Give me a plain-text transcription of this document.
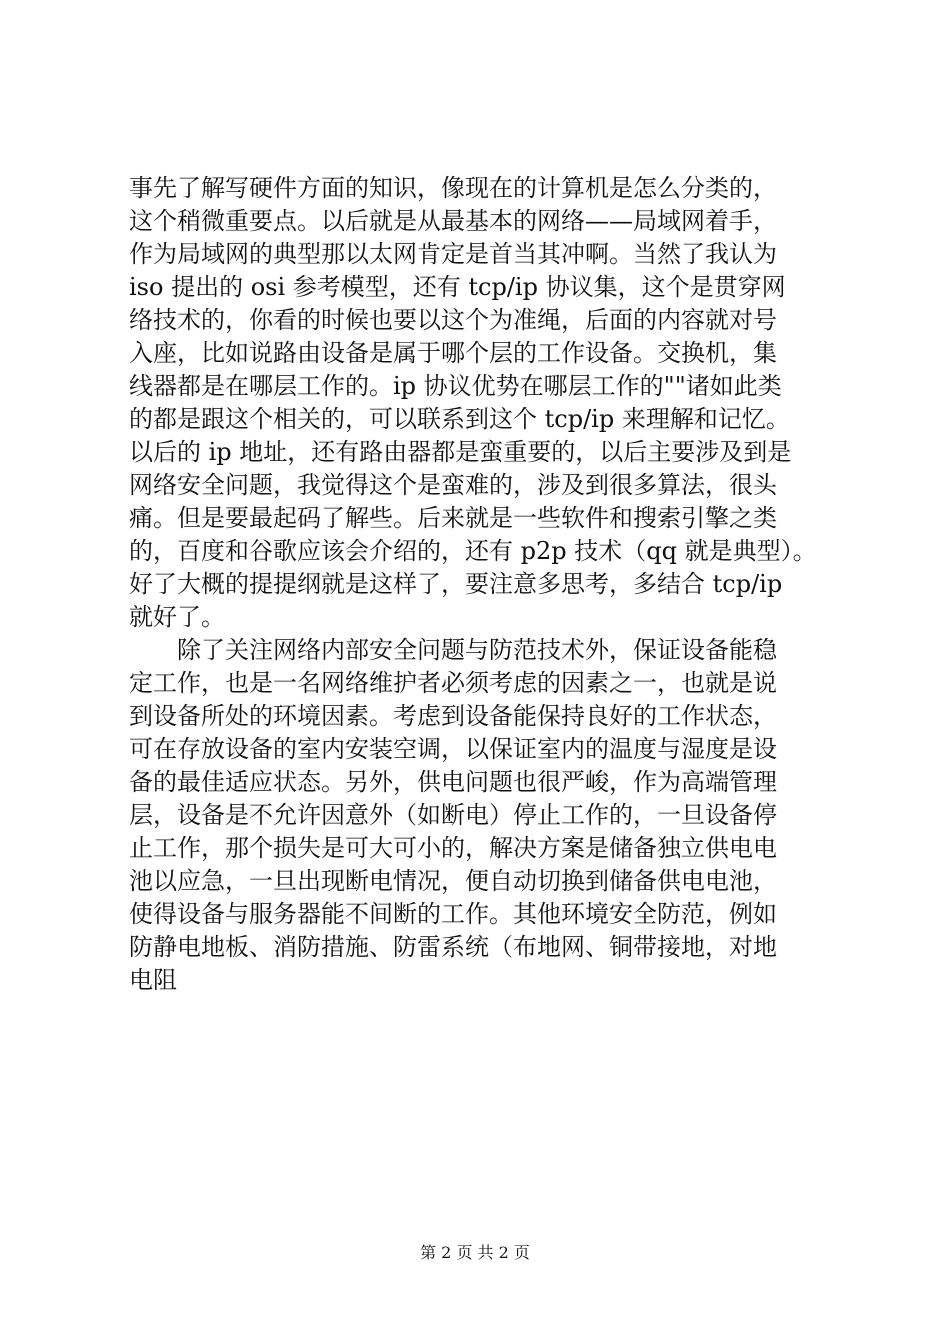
事先了解写硬件方面的知识，像现在的计算机是怎么分类的，
这个稍微重要点。以后就是从最基本的网络——局域网着手，
作为局域网的典型那以太网肯定是首当其冲啊。当然了我认为
iso 提出的 osi 参考模型，还有 tcp/ip 协议集，这个是贯穿网
络技术的，你看的时候也要以这个为准绳，后面的内容就对号
入座，比如说路由设备是属于哪个层的工作设备。交换机，集
线器都是在哪层工作的。ip 协议优势在哪层工作的""诸如此类
的都是跟这个相关的，可以联系到这个 tcp/ip 来理解和记忆。
以后的 ip 地址，还有路由器都是蛮重要的，以后主要涉及到是
网络安全问题，我觉得这个是蛮难的，涉及到很多算法，很头
痛。但是要最起码了解些。后来就是一些软件和搜索引擎之类
的，百度和谷歌应该会介绍的，还有 p2p 技术（qq 就是典型）。
好了大概的提提纲就是这样了，要注意多思考，多结合 tcp/ip
就好了。
　　除了关注网络内部安全问题与防范技术外，保证设备能稳
定工作，也是一名网络维护者必须考虑的因素之一，也就是说
到设备所处的环境因素。考虑到设备能保持良好的工作状态，
可在存放设备的室内安装空调，以保证室内的温度与湿度是设
备的最佳适应状态。另外，供电问题也很严峻，作为高端管理
层，设备是不允许因意外（如断电）停止工作的，一旦设备停
止工作，那个损失是可大可小的，解决方案是储备独立供电电
池以应急，一旦出现断电情况，便自动切换到储备供电电池，
使得设备与服务器能不间断的工作。其他环境安全防范，例如
防静电地板、消防措施、防雷系统（布地网、铜带接地，对地
电阻
第 2 页 共 2 页
